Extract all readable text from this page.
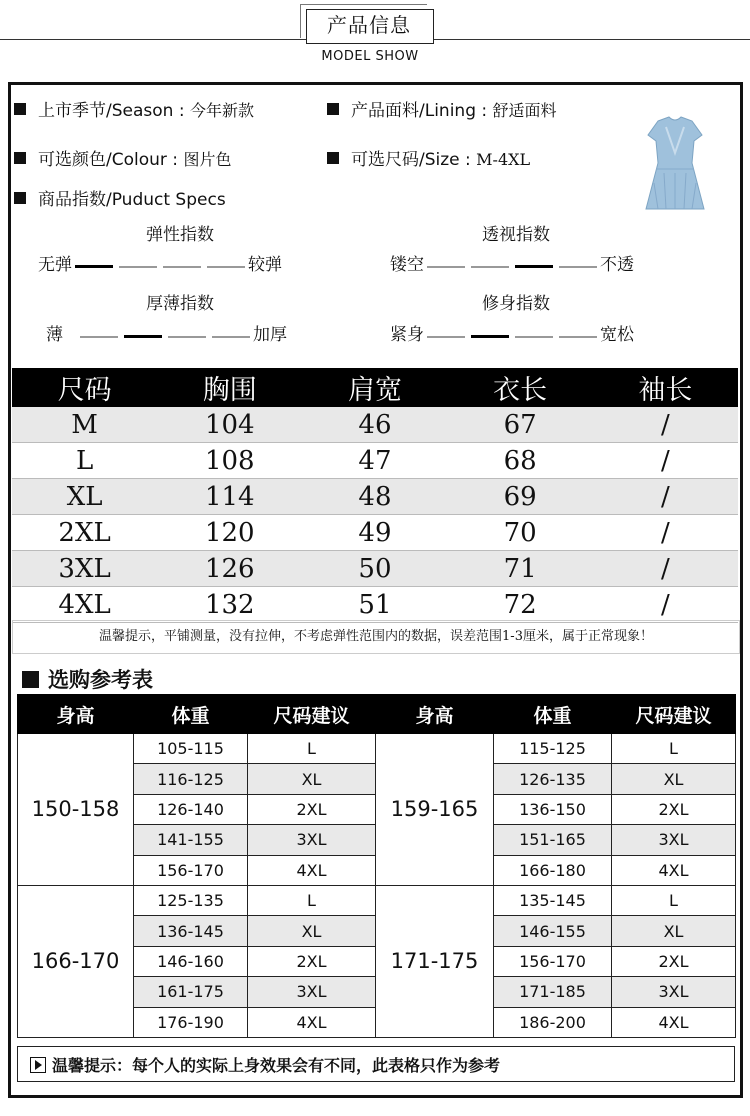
产品信息
MODEL SHOW
上市季节/Season : 今年新款	产品面料/Lining : 舒适面料
可选颜色/Colour : 图片色	可选尺码/Size : M-4XL
商品指数/Puduct Specs
弹性指数
无弹	较弹
透视指数
镂空	不透
厚薄指数
薄	加厚
修身指数
紧身	宽松
尺码	胸围	肩宽	衣长	袖长
M	104	46	67	/
L	108	47	68	/
XL	114	48	69	/
2XL	120	49	70	/
3XL	126	50	71	/
4XL	132	51	72	/
温馨提示，平铺测量，没有拉伸，不考虑弹性范围内的数据，误差范围1-3厘米，属于正常现象！
选购参考表
身高	体重	尺码建议	身高	体重	尺码建议
150-158	105-115	L	159-165	115-125	L
	116-125	XL		126-135	XL
	126-140	2XL		136-150	2XL
	141-155	3XL		151-165	3XL
	156-170	4XL		166-180	4XL
166-170	125-135	L	171-175	135-145	L
	136-145	XL		146-155	XL
	146-160	2XL		156-170	2XL
	161-175	3XL		171-185	3XL
	176-190	4XL		186-200	4XL
温馨提示：每个人的实际上身效果会有不同，此表格只作为参考
